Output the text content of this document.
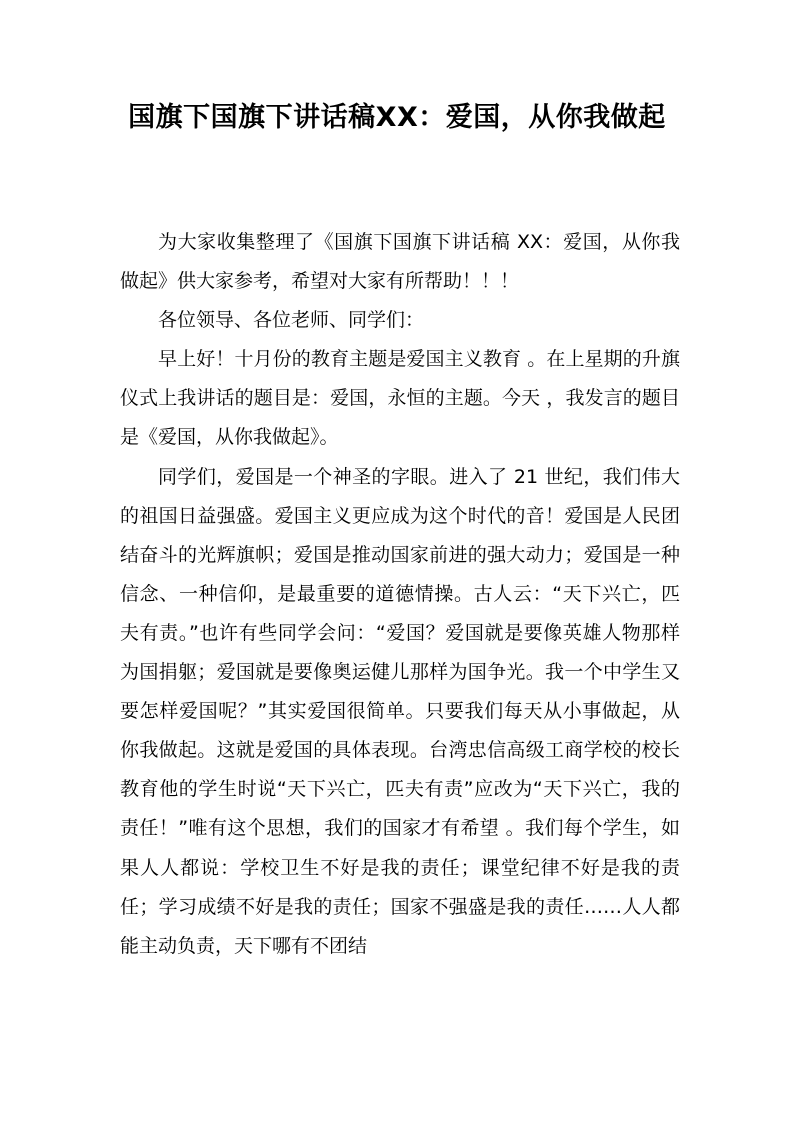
国旗下国旗下讲话稿XX：爱国，从你我做起

为大家收集整理了《国旗下国旗下讲话稿 XX：爱国，从你我做起》供大家参考，希望对大家有所帮助！！！

各位领导、各位老师、同学们：

早上好！十月份的教育主题是爱国主义教育 。在上星期的升旗仪式上我讲话的题目是：爱国，永恒的主题。今天 ，我发言的题目是《爱国，从你我做起》。

同学们，爱国是一个神圣的字眼。进入了 21 世纪，我们伟大的祖国日益强盛。爱国主义更应成为这个时代的音！爱国是人民团结奋斗的光辉旗帜；爱国是推动国家前进的强大动力；爱国是一种信念、一种信仰，是最重要的道德情操。古人云：“天下兴亡，匹夫有责。”也许有些同学会问：“爱国？爱国就是要像英雄人物那样为国捐躯；爱国就是要像奥运健儿那样为国争光。我一个中学生又要怎样爱国呢？”其实爱国很简单。只要我们每天从小事做起，从你我做起。这就是爱国的具体表现。台湾忠信高级工商学校的校长教育他的学生时说“天下兴亡，匹夫有责”应改为“天下兴亡，我的责任！”唯有这个思想，我们的国家才有希望 。我们每个学生，如果人人都说：学校卫生不好是我的责任；课堂纪律不好是我的责任；学习成绩不好是我的责任；国家不强盛是我的责任……人人都能主动负责，天下哪有不团结
